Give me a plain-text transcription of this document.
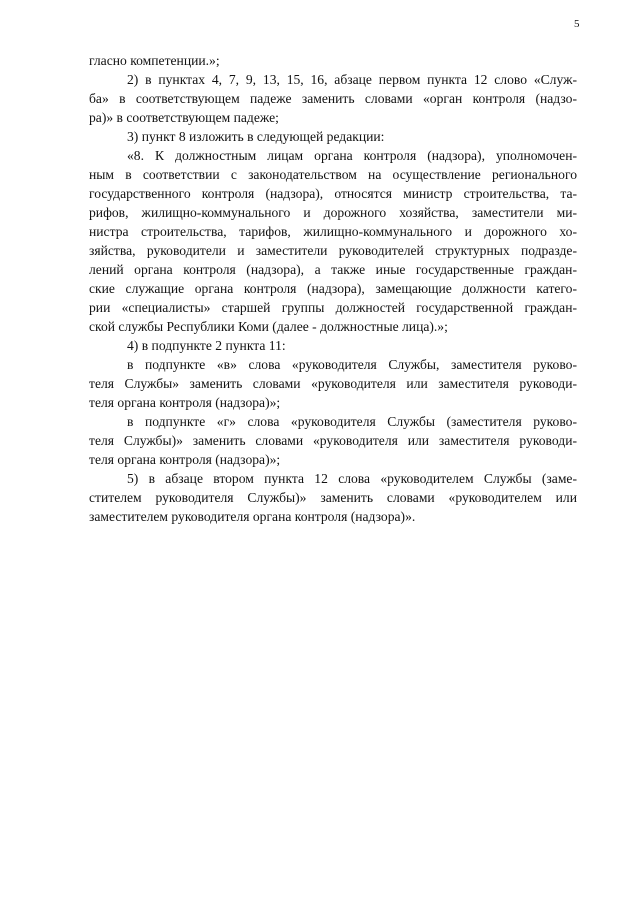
5
гласно компетенции.»;
2) в пунктах 4, 7, 9, 13, 15, 16, абзаце первом пункта 12 слово «Служ-
ба» в соответствующем падеже заменить словами «орган контроля (надзо-
ра)» в соответствующем падеже;
3) пункт 8 изложить в следующей редакции:
«8. К должностным лицам органа контроля (надзора), уполномочен-
ным в соответствии с законодательством на осуществление регионального
государственного контроля (надзора), относятся министр строительства, та-
рифов, жилищно-коммунального и дорожного хозяйства, заместители ми-
нистра строительства, тарифов, жилищно-коммунального и дорожного хо-
зяйства, руководители и заместители руководителей структурных подразде-
лений органа контроля (надзора), а также иные государственные граждан-
ские служащие органа контроля (надзора), замещающие должности катего-
рии «специалисты» старшей группы должностей государственной граждан-
ской службы Республики Коми (далее - должностные лица).»;
4) в подпункте 2 пункта 11:
в подпункте «в» слова «руководителя Службы, заместителя руково-
теля Службы» заменить словами «руководителя или заместителя руководи-
теля органа контроля (надзора)»;
в подпункте «г» слова «руководителя Службы (заместителя руково-
теля Службы)» заменить словами «руководителя или заместителя руководи-
теля органа контроля (надзора)»;
5) в абзаце втором пункта 12 слова «руководителем Службы (заме-
стителем руководителя Службы)» заменить словами «руководителем или
заместителем руководителя органа контроля (надзора)».
